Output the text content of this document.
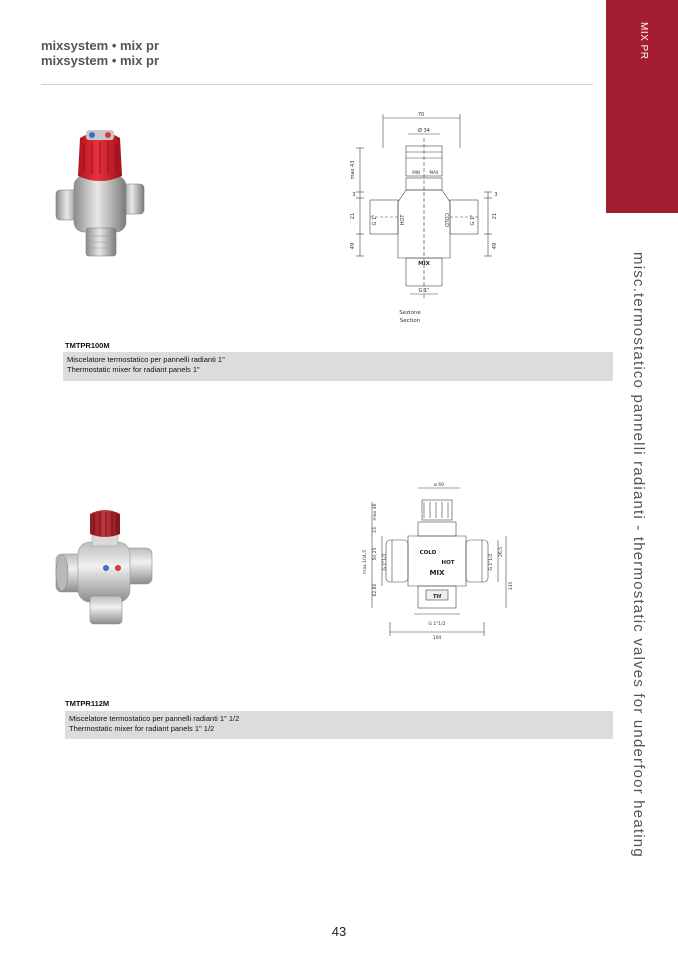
mixsystem • mix pr
mixsystem • mix pr
MIX PR
misc.termostatico pannelli radianti - thermostatic valves for underfoor heating
70
Ø 34
MIN MAX
max 43
3
21
49
3
21
49
G 1"	G 1"
HOT	COLD
MIX
G 1"
Sezione
Section
TMTPR100M
Miscelatore termostatico per pannelli radianti 1"
Thermostatic mixer for radiant panels 1"
ø 60
max 46
23
50,25
62,80
max 104,5	G 1"1/2
26,5
G 1"1/2
135
COLD
HOT
MIX
TH
G 1"1/2
104
TMTPR112M
Miscelatore termostatico per pannelli radianti 1" 1/2
Thermostatic mixer for radiant panels 1" 1/2
43
